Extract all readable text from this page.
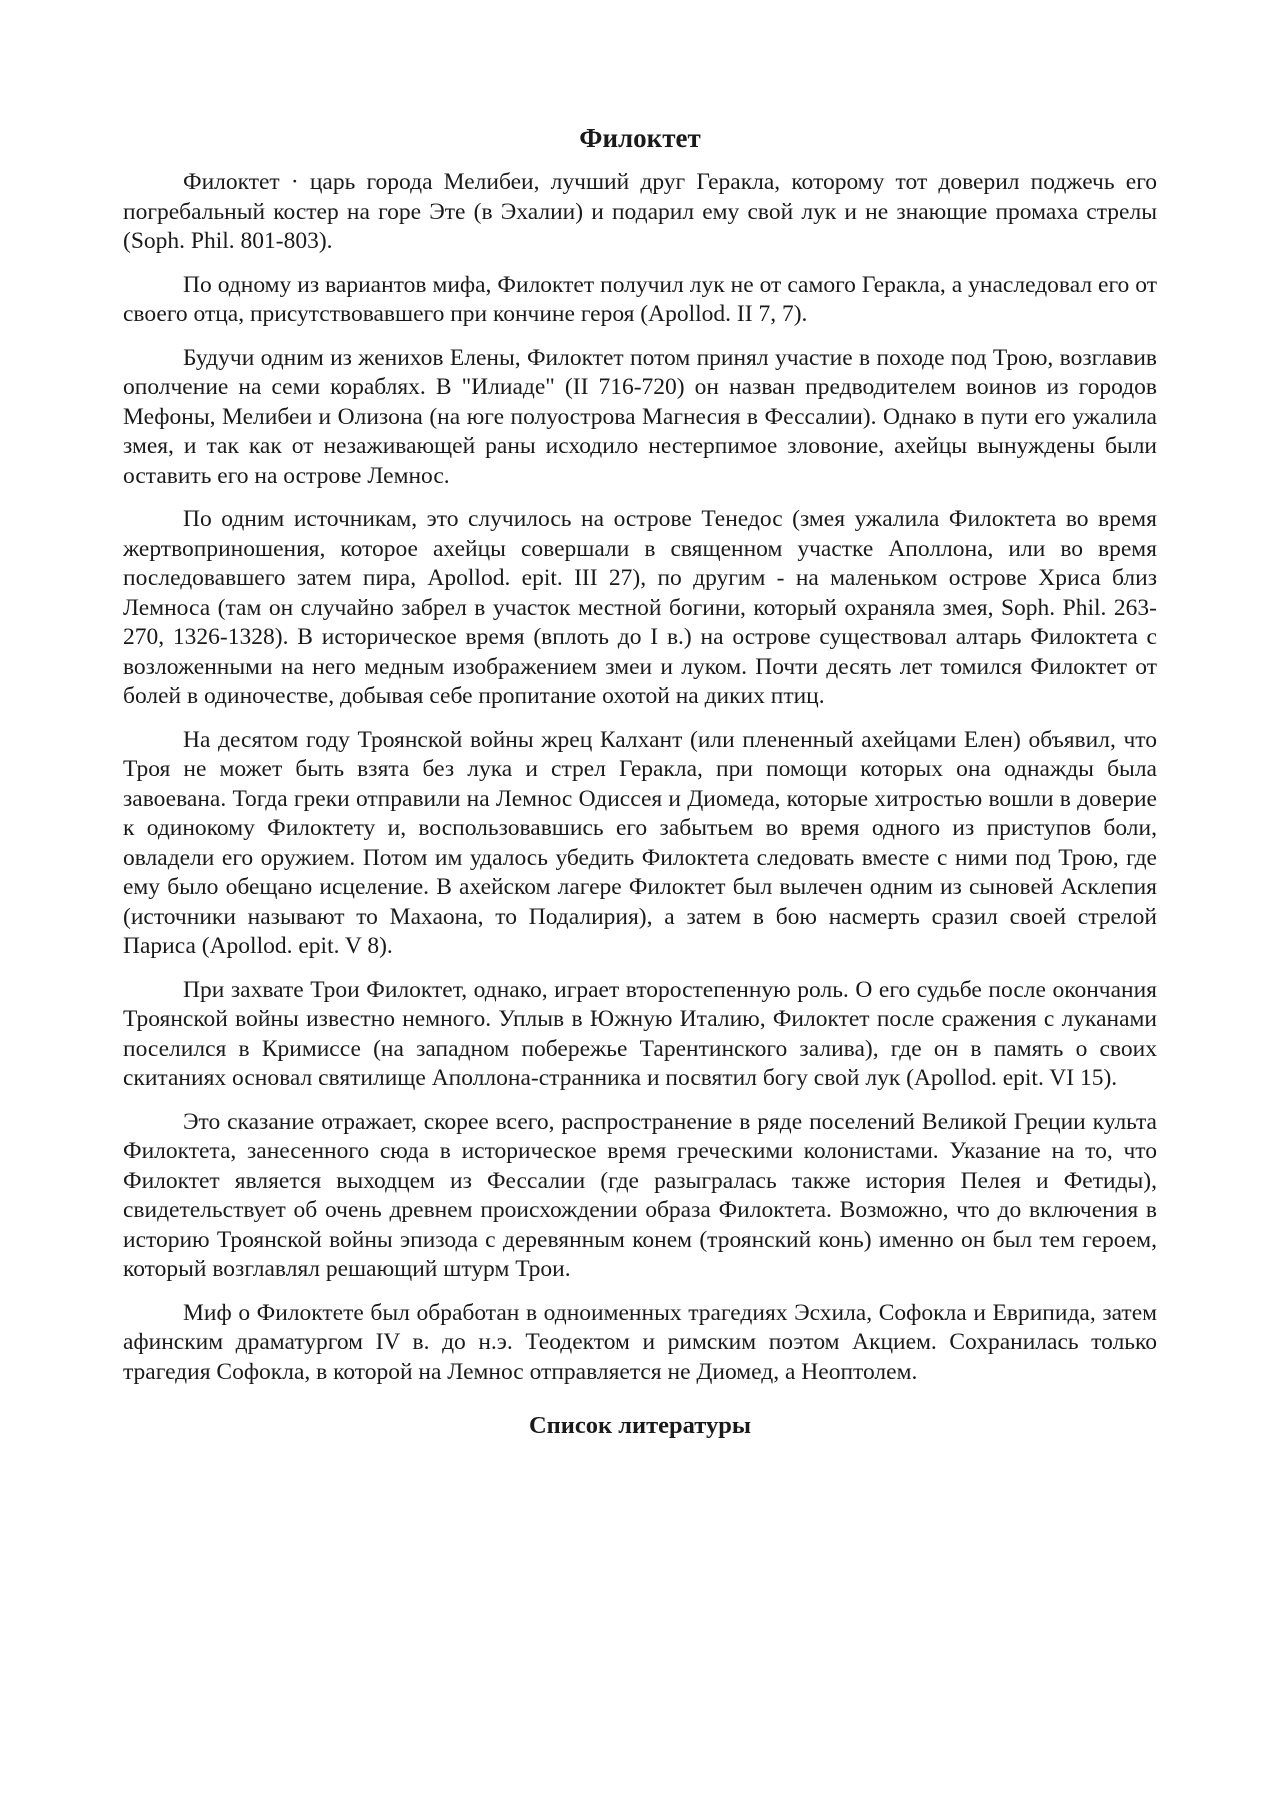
Филоктет

Филоктет · царь города Мелибеи, лучший друг Геракла, которому тот доверил поджечь его погребальный костер на горе Эте (в Эхалии) и подарил ему свой лук и не знающие промаха стрелы (Soph. Phil. 801-803).

По одному из вариантов мифа, Филоктет получил лук не от самого Геракла, а унаследовал его от своего отца, присутствовавшего при кончине героя (Apollod. II 7, 7).

Будучи одним из женихов Елены, Филоктет потом принял участие в походе под Трою, возглавив ополчение на семи кораблях. В "Илиаде" (II 716-720) он назван предводителем воинов из городов Мефоны, Мелибеи и Олизона (на юге полуострова Магнесия в Фессалии). Однако в пути его ужалила змея, и так как от незаживающей раны исходило нестерпимое зловоние, ахейцы вынуждены были оставить его на острове Лемнос.

По одним источникам, это случилось на острове Тенедос (змея ужалила Филоктета во время жертвоприношения, которое ахейцы совершали в священном участке Аполлона, или во время последовавшего затем пира, Apollod. epit. III 27), по другим - на маленьком острове Хриса близ Лемноса (там он случайно забрел в участок местной богини, который охраняла змея, Soph. Phil. 263-270, 1326-1328). В историческое время (вплоть до I в.) на острове существовал алтарь Филоктета с возложенными на него медным изображением змеи и луком. Почти десять лет томился Филоктет от болей в одиночестве, добывая себе пропитание охотой на диких птиц.

На десятом году Троянской войны жрец Калхант (или плененный ахейцами Елен) объявил, что Троя не может быть взята без лука и стрел Геракла, при помощи которых она однажды была завоевана. Тогда греки отправили на Лемнос Одиссея и Диомеда, которые хитростью вошли в доверие к одинокому Филоктету и, воспользовавшись его забытьем во время одного из приступов боли, овладели его оружием. Потом им удалось убедить Филоктета следовать вместе с ними под Трою, где ему было обещано исцеление. В ахейском лагере Филоктет был вылечен одним из сыновей Асклепия (источники называют то Махаона, то Подалирия), а затем в бою насмерть сразил своей стрелой Париса (Apollod. epit. V 8).

При захвате Трои Филоктет, однако, играет второстепенную роль. О его судьбе после окончания Троянской войны известно немного. Уплыв в Южную Италию, Филоктет после сражения с луканами поселился в Кримиссе (на западном побережье Тарентинского залива), где он в память о своих скитаниях основал святилище Аполлона-странника и посвятил богу свой лук (Apollod. epit. VI 15).

Это сказание отражает, скорее всего, распространение в ряде поселений Великой Греции культа Филоктета, занесенного сюда в историческое время греческими колонистами. Указание на то, что Филоктет является выходцем из Фессалии (где разыгралась также история Пелея и Фетиды), свидетельствует об очень древнем происхождении образа Филоктета. Возможно, что до включения в историю Троянской войны эпизода с деревянным конем (троянский конь) именно он был тем героем, который возглавлял решающий штурм Трои.

Миф о Филоктете был обработан в одноименных трагедиях Эсхила, Софокла и Еврипида, затем афинским драматургом IV в. до н.э. Теодектом и римским поэтом Акцием. Сохранилась только трагедия Софокла, в которой на Лемнос отправляется не Диомед, а Неоптолем.

Список литературы
